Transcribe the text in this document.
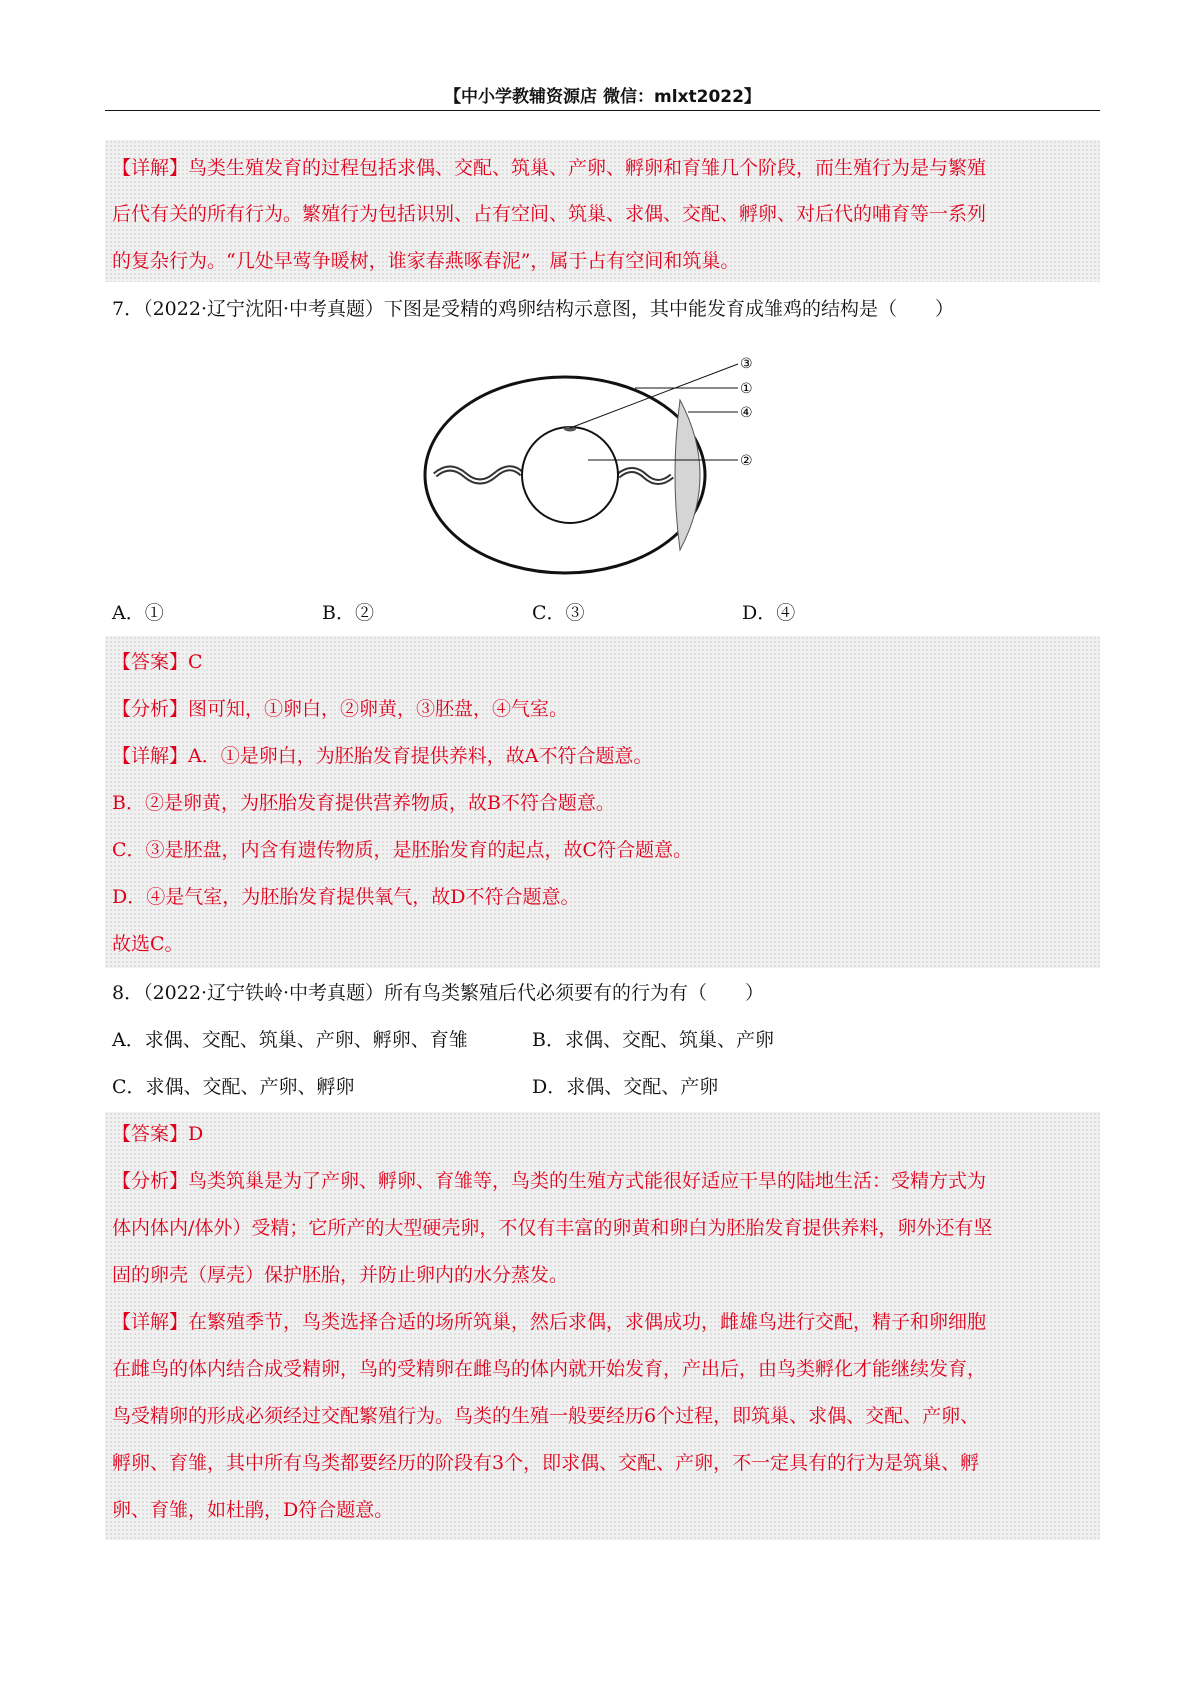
【中小学教辅资源店 微信：mlxt2022】
【详解】鸟类生殖发育的过程包括求偶、交配、筑巢、产卵、孵卵和育雏几个阶段，而生殖行为是与繁殖
后代有关的所有行为。繁殖行为包括识别、占有空间、筑巢、求偶、交配、孵卵、对后代的哺育等一系列
的复杂行为。“几处早莺争暖树，谁家春燕啄春泥”，属于占有空间和筑巢。
7．（2022·辽宁沈阳·中考真题）下图是受精的鸡卵结构示意图，其中能发育成雏鸡的结构是（　　）
③
①
④
②
A．①	B．②	C．③	D．④
【答案】C
【分析】图可知，①卵白，②卵黄，③胚盘，④气室。
【详解】A．①是卵白，为胚胎发育提供养料，故A不符合题意。
B．②是卵黄，为胚胎发育提供营养物质，故B不符合题意。
C．③是胚盘，内含有遗传物质，是胚胎发育的起点，故C符合题意。
D．④是气室，为胚胎发育提供氧气，故D不符合题意。
故选C。
8．（2022·辽宁铁岭·中考真题）所有鸟类繁殖后代必须要有的行为有（　　）
A．求偶、交配、筑巢、产卵、孵卵、育雏	B．求偶、交配、筑巢、产卵
C．求偶、交配、产卵、孵卵	D．求偶、交配、产卵
【答案】D
【分析】鸟类筑巢是为了产卵、孵卵、育雏等，鸟类的生殖方式能很好适应干旱的陆地生活：受精方式为
体内体内/体外）受精；它所产的大型硬壳卵，不仅有丰富的卵黄和卵白为胚胎发育提供养料，卵外还有坚
固的卵壳（厚壳）保护胚胎，并防止卵内的水分蒸发。
【详解】在繁殖季节，鸟类选择合适的场所筑巢，然后求偶，求偶成功，雌雄鸟进行交配，精子和卵细胞
在雌鸟的体内结合成受精卵，鸟的受精卵在雌鸟的体内就开始发育，产出后，由鸟类孵化才能继续发育，
鸟受精卵的形成必须经过交配繁殖行为。鸟类的生殖一般要经历6个过程，即筑巢、求偶、交配、产卵、
孵卵、育雏，其中所有鸟类都要经历的阶段有3个，即求偶、交配、产卵，不一定具有的行为是筑巢、孵
卵、育雏，如杜鹃，D符合题意。
